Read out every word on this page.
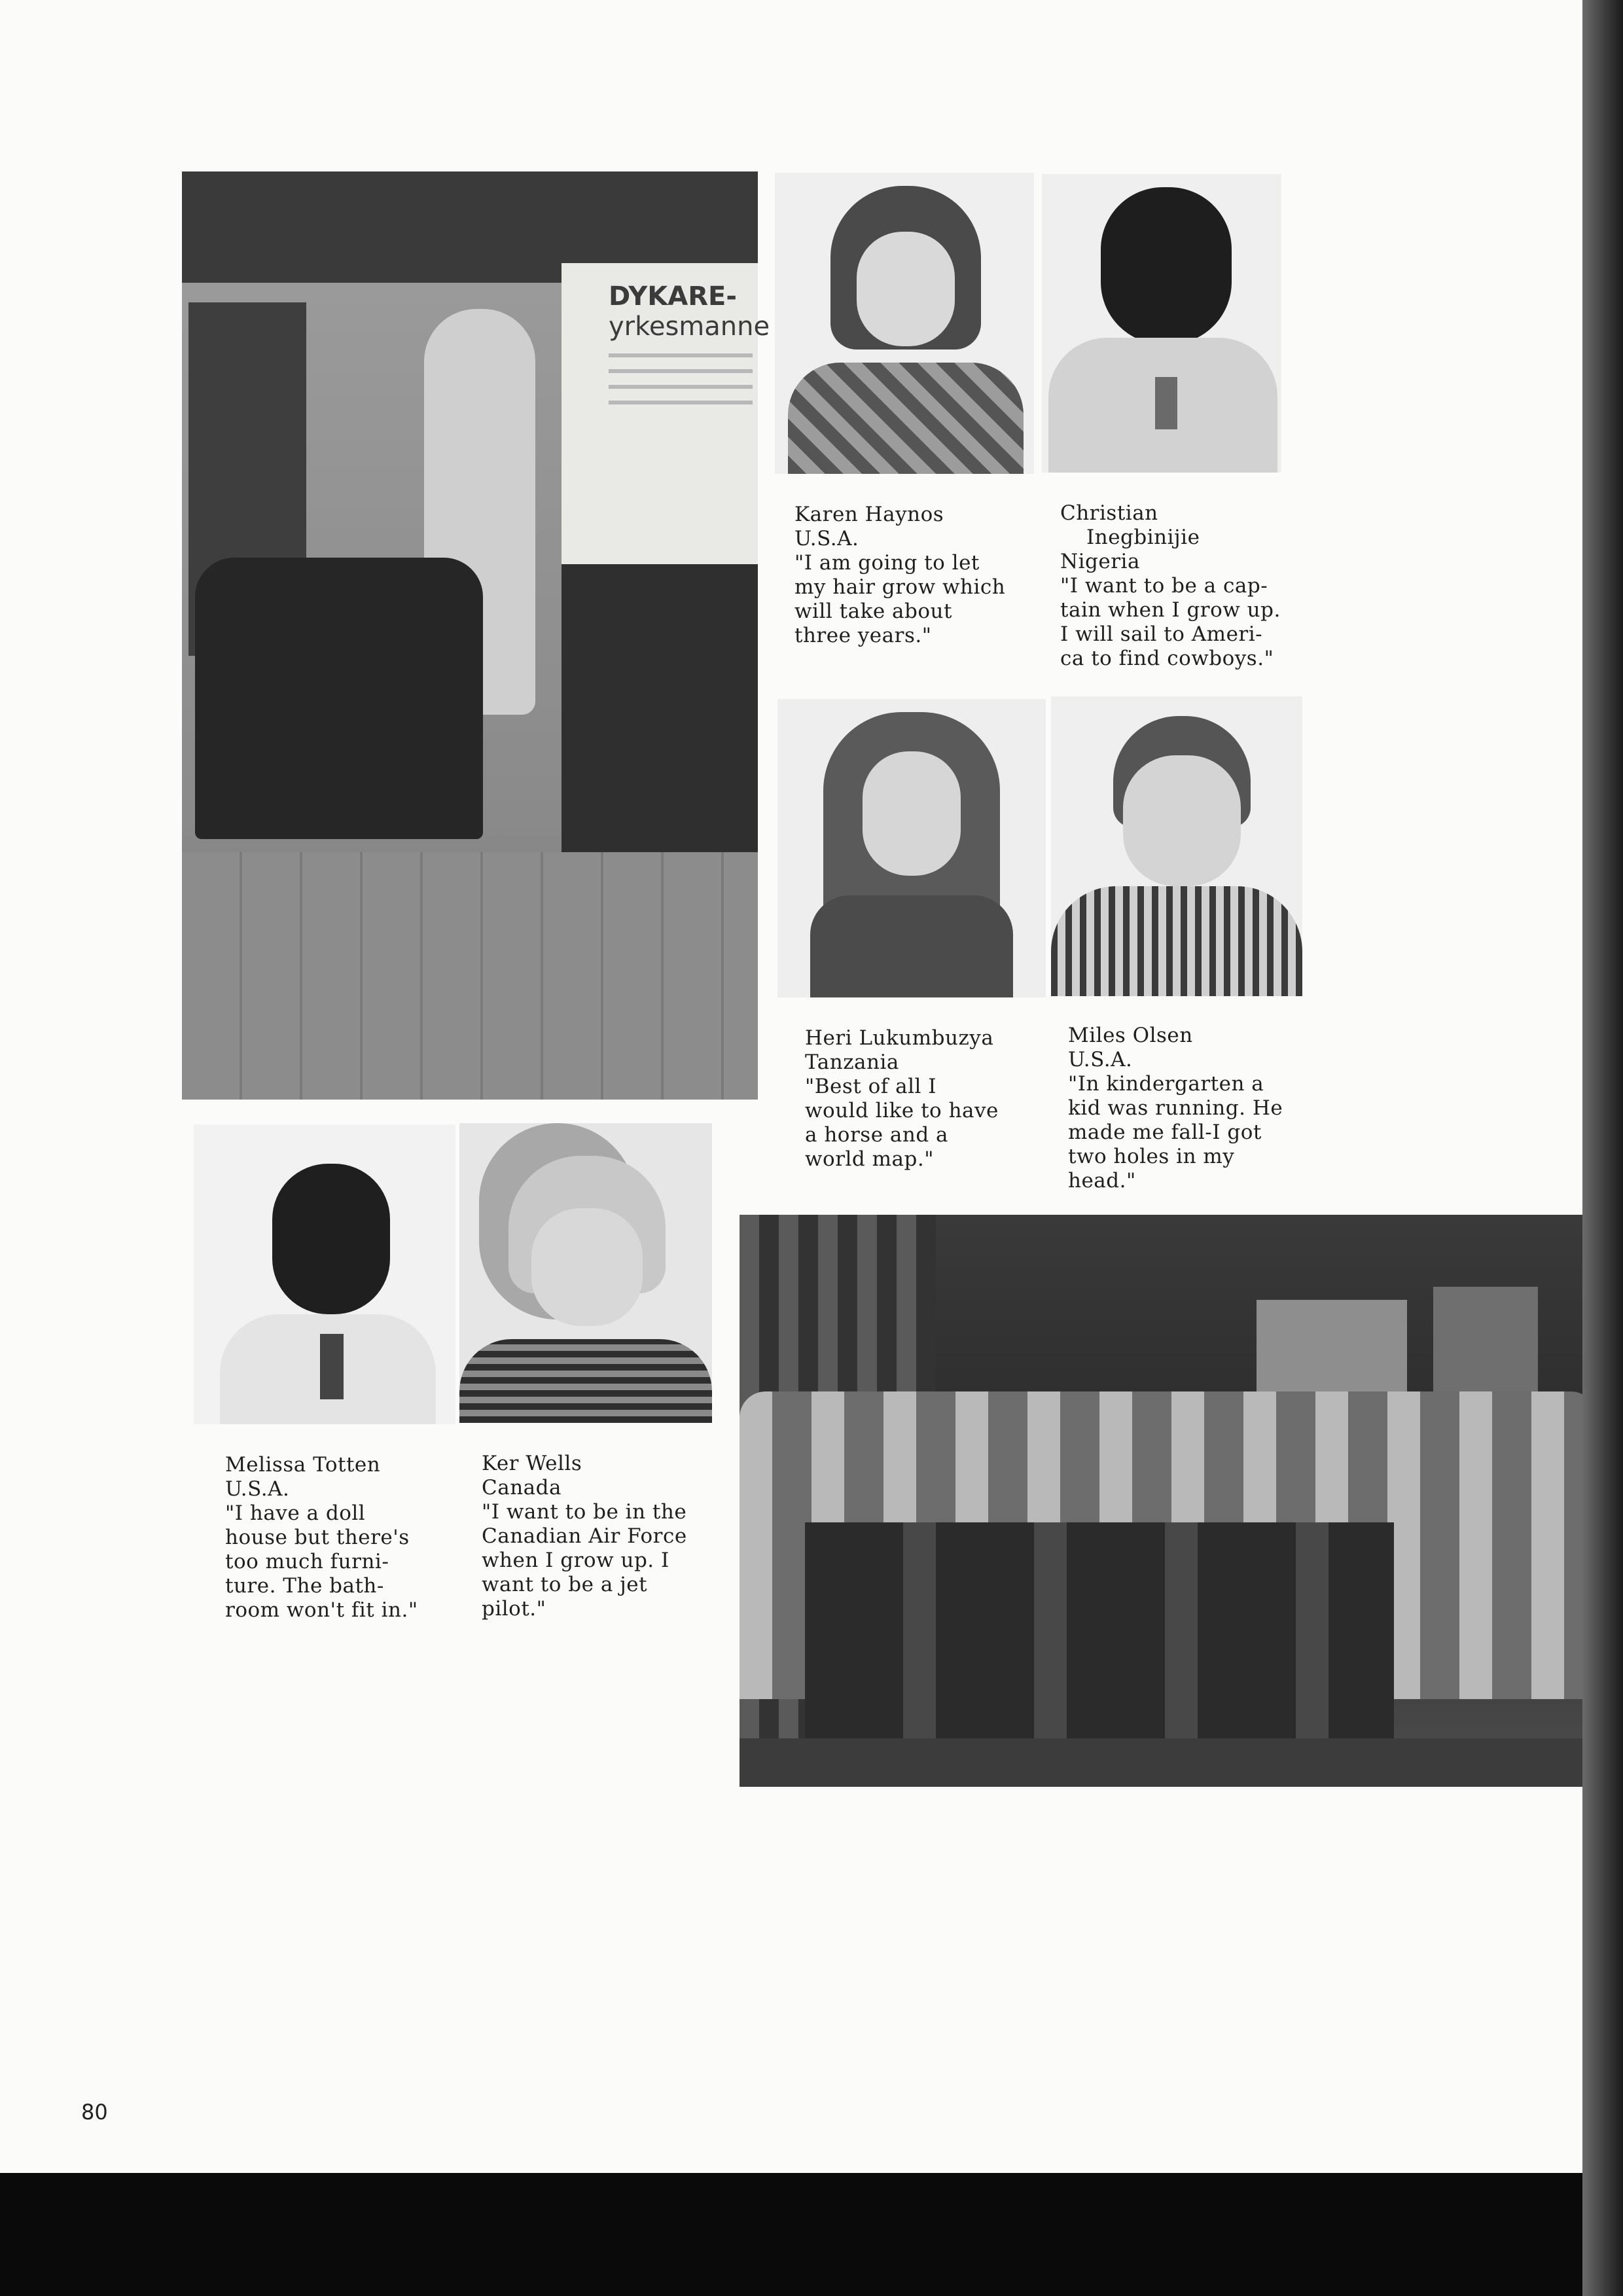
DYKARE-
yrkesmanne
Karen Haynos
U.S.A.
"I am going to let
my hair grow which
will take about
three years."
Christian
Inegbinijie
Nigeria
"I want to be a cap-
tain when I grow up.
I will sail to Ameri-
ca to find cowboys."
Heri Lukumbuzya
Tanzania
"Best of all I
would like to have
a horse and a
world map."
Miles Olsen
U.S.A.
"In kindergarten a
kid was running. He
made me fall-I got
two holes in my
head."
Melissa Totten
U.S.A.
"I have a doll
house but there's
too much furni-
ture. The bath-
room won't fit in."
Ker Wells
Canada
"I want to be in the
Canadian Air Force
when I grow up. I
want to be a jet
pilot."
80
